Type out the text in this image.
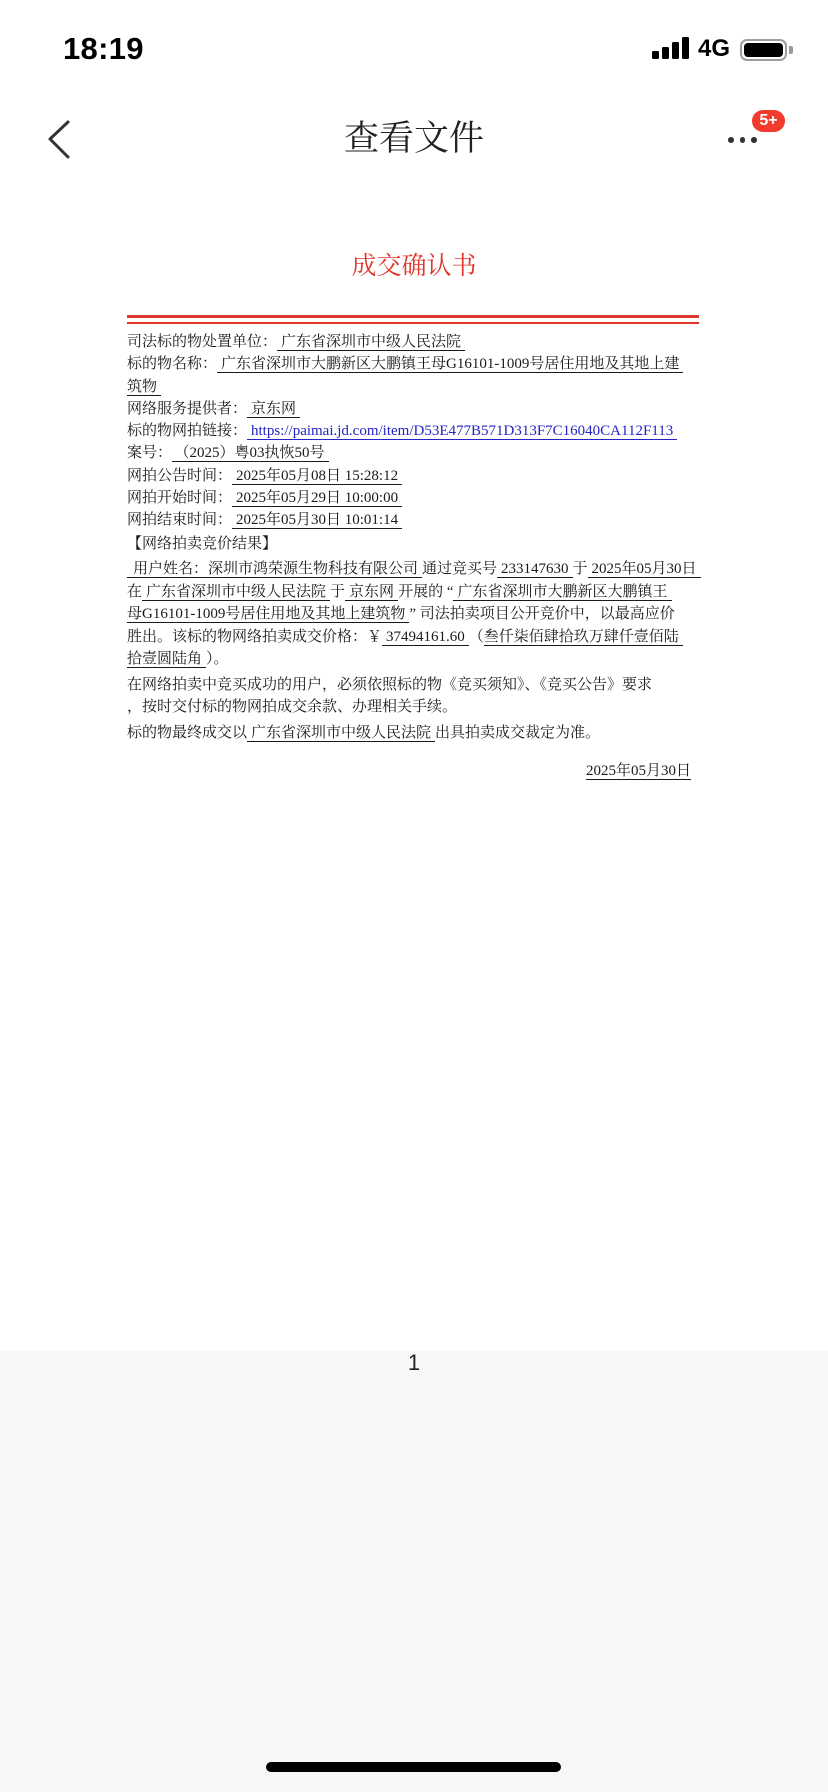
18:19	4G
查看文件	5+
成交确认书
司法标的物处置单位： 广东省深圳市中级人民法院
标的物名称： 广东省深圳市大鹏新区大鹏镇王母G16101-1009号居住用地及其地上建
筑物
网络服务提供者： 京东网
标的物网拍链接： https://paimai.jd.com/item/D53E477B571D313F7C16040CA112F113
案号： （2025）粤03执恢50号
网拍公告时间： 2025年05月08日 15:28:12
网拍开始时间： 2025年05月29日 10:00:00
网拍结束时间： 2025年05月30日 10:01:14
【网络拍卖竞价结果】
用户姓名：深圳市鸿荣源生物科技有限公司 通过竞买号 233147630 于 2025年05月30日
在 广东省深圳市中级人民法院 于 京东网 开展的 “ 广东省深圳市大鹏新区大鹏镇王
母G16101-1009号居住用地及其地上建筑物 ” 司法拍卖项目公开竞价中，以最高应价
胜出。该标的物网络拍卖成交价格：￥ 37494161.60 （叁仟柒佰肆拾玖万肆仟壹佰陆
拾壹圆陆角 ）。
在网络拍卖中竞买成功的用户，必须依照标的物《竞买须知》、《竞买公告》要求
，按时交付标的物网拍成交余款、办理相关手续。
标的物最终成交以 广东省深圳市中级人民法院 出具拍卖成交裁定为准。
2025年05月30日
1
